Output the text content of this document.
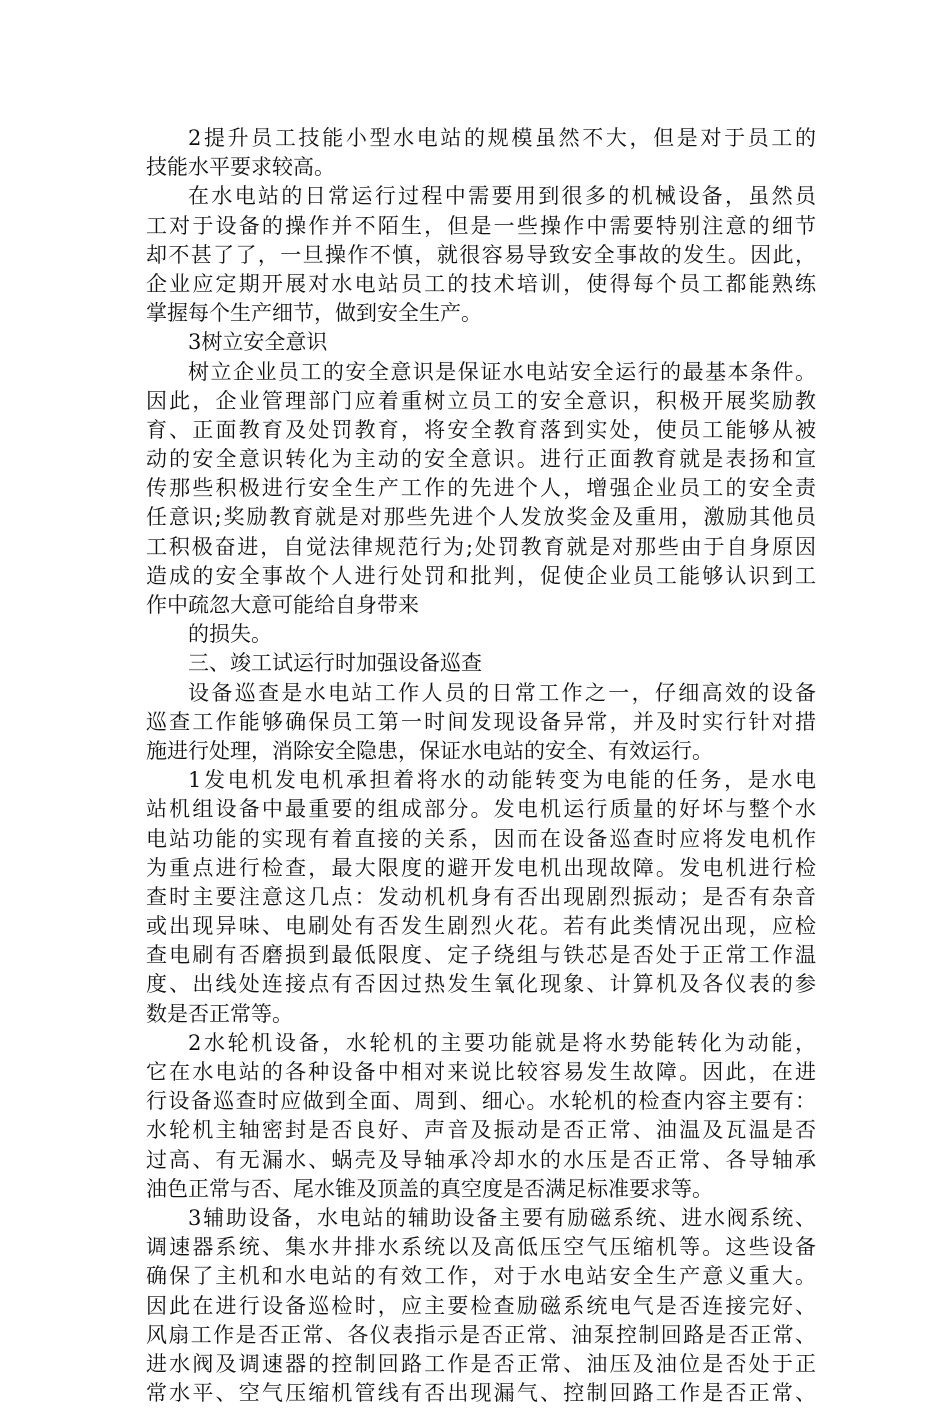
2提升员工技能小型水电站的规模虽然不大，但是对于员工的
技能水平要求较高。
在水电站的日常运行过程中需要用到很多的机械设备，虽然员
工对于设备的操作并不陌生，但是一些操作中需要特别注意的细节
却不甚了了，一旦操作不慎，就很容易导致安全事故的发生。因此，
企业应定期开展对水电站员工的技术培训，使得每个员工都能熟练
掌握每个生产细节，做到安全生产。
3树立安全意识
树立企业员工的安全意识是保证水电站安全运行的最基本条件。
因此，企业管理部门应着重树立员工的安全意识，积极开展奖励教
育、正面教育及处罚教育，将安全教育落到实处，使员工能够从被
动的安全意识转化为主动的安全意识。进行正面教育就是表扬和宣
传那些积极进行安全生产工作的先进个人，增强企业员工的安全责
任意识;奖励教育就是对那些先进个人发放奖金及重用，激励其他员
工积极奋进，自觉法律规范行为;处罚教育就是对那些由于自身原因
造成的安全事故个人进行处罚和批判，促使企业员工能够认识到工
作中疏忽大意可能给自身带来
的损失。
三、竣工试运行时加强设备巡查
设备巡查是水电站工作人员的日常工作之一，仔细高效的设备
巡查工作能够确保员工第一时间发现设备异常，并及时实行针对措
施进行处理，消除安全隐患，保证水电站的安全、有效运行。
1发电机发电机承担着将水的动能转变为电能的任务，是水电
站机组设备中最重要的组成部分。发电机运行质量的好坏与整个水
电站功能的实现有着直接的关系，因而在设备巡查时应将发电机作
为重点进行检查，最大限度的避开发电机出现故障。发电机进行检
查时主要注意这几点：发动机机身有否出现剧烈振动；是否有杂音
或出现异味、电刷处有否发生剧烈火花。若有此类情况出现，应检
查电刷有否磨损到最低限度、定子绕组与铁芯是否处于正常工作温
度、出线处连接点有否因过热发生氧化现象、计算机及各仪表的参
数是否正常等。
2水轮机设备，水轮机的主要功能就是将水势能转化为动能，
它在水电站的各种设备中相对来说比较容易发生故障。因此，在进
行设备巡查时应做到全面、周到、细心。水轮机的检查内容主要有：
水轮机主轴密封是否良好、声音及振动是否正常、油温及瓦温是否
过高、有无漏水、蜗壳及导轴承冷却水的水压是否正常、各导轴承
油色正常与否、尾水锥及顶盖的真空度是否满足标准要求等。
3辅助设备，水电站的辅助设备主要有励磁系统、进水阀系统、
调速器系统、集水井排水系统以及高低压空气压缩机等。这些设备
确保了主机和水电站的有效工作，对于水电站安全生产意义重大。
因此在进行设备巡检时，应主要检查励磁系统电气是否连接完好、
风扇工作是否正常、各仪表指示是否正常、油泵控制回路是否正常、
进水阀及调速器的控制回路工作是否正常、油压及油位是否处于正
常水平、空气压缩机管线有否出现漏气、控制回路工作是否正常、
